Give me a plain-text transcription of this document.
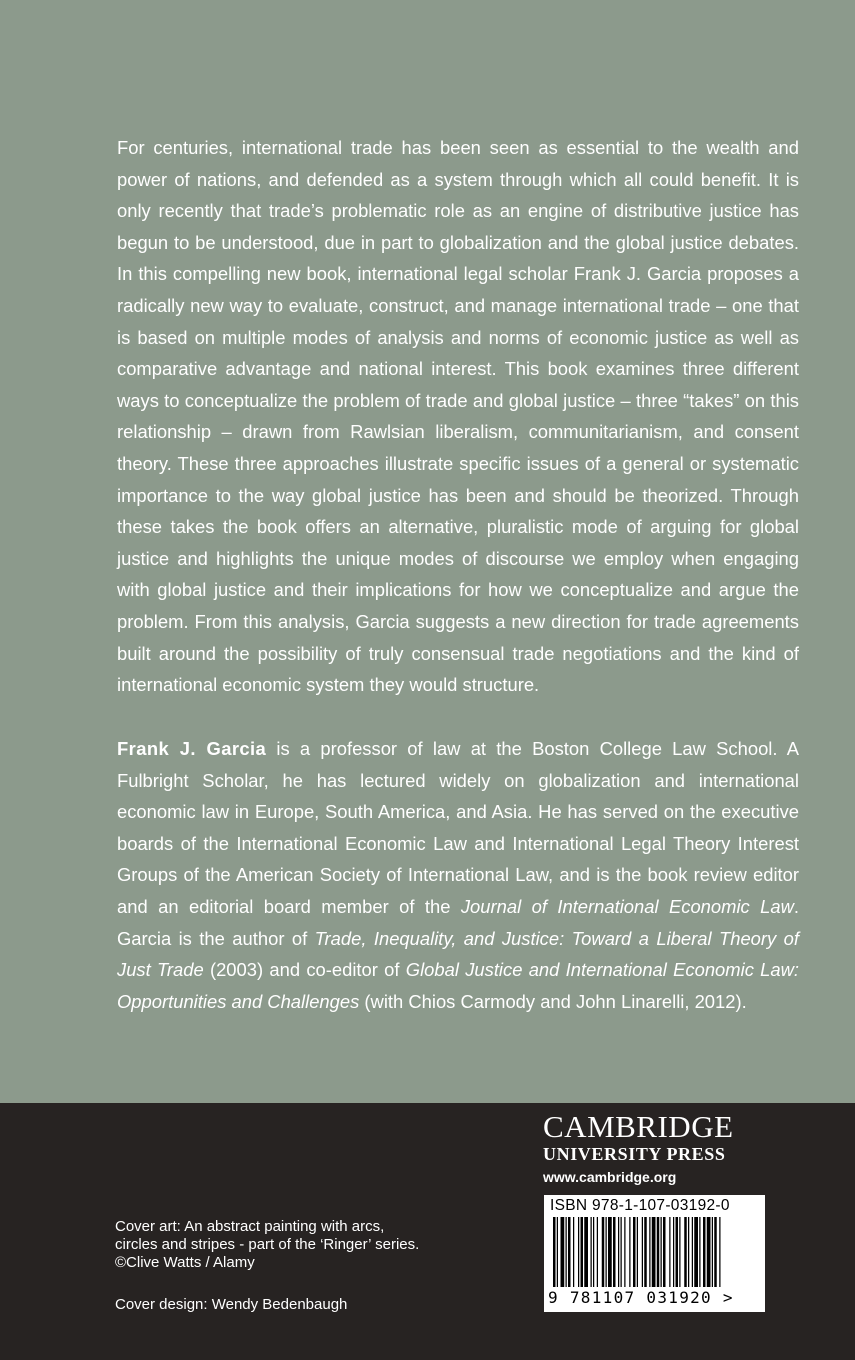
For centuries, international trade has been seen as essential to the wealth and power of nations, and defended as a system through which all could benefit. It is only recently that trade’s problematic role as an engine of distributive justice has begun to be understood, due in part to globalization and the global justice debates. In this compelling new book, international legal scholar Frank J. Garcia proposes a radically new way to evaluate, construct, and manage international trade – one that is based on multiple modes of analysis and norms of economic justice as well as comparative advantage and national interest. This book examines three different ways to conceptualize the problem of trade and global justice – three “takes” on this relationship – drawn from Rawlsian liberalism, communitarianism, and consent theory. These three approaches illustrate specific issues of a general or systematic importance to the way global justice has been and should be theorized. Through these takes the book offers an alternative, pluralistic mode of arguing for global justice and highlights the unique modes of discourse we employ when engaging with global justice and their implications for how we conceptualize and argue the problem. From this analysis, Garcia suggests a new direction for trade agreements built around the possibility of truly consensual trade negotiations and the kind of international economic system they would structure.

Frank J. Garcia is a professor of law at the Boston College Law School. A Fulbright Scholar, he has lectured widely on globalization and international economic law in Europe, South America, and Asia. He has served on the executive boards of the International Economic Law and International Legal Theory Interest Groups of the American Society of International Law, and is the book review editor and an editorial board member of the Journal of International Economic Law. Garcia is the author of Trade, Inequality, and Justice: Toward a Liberal Theory of Just Trade (2003) and co-editor of Global Justice and International Economic Law: Opportunities and Challenges (with Chios Carmody and John Linarelli, 2012).

Cover art: An abstract painting with arcs,
circles and stripes - part of the ‘Ringer’ series.
©Clive Watts / Alamy
Cover design: Wendy Bedenbaugh
CAMBRIDGE
UNIVERSITY PRESS
www.cambridge.org
ISBN 978-1-107-03192-0
9 781107 031920 >
